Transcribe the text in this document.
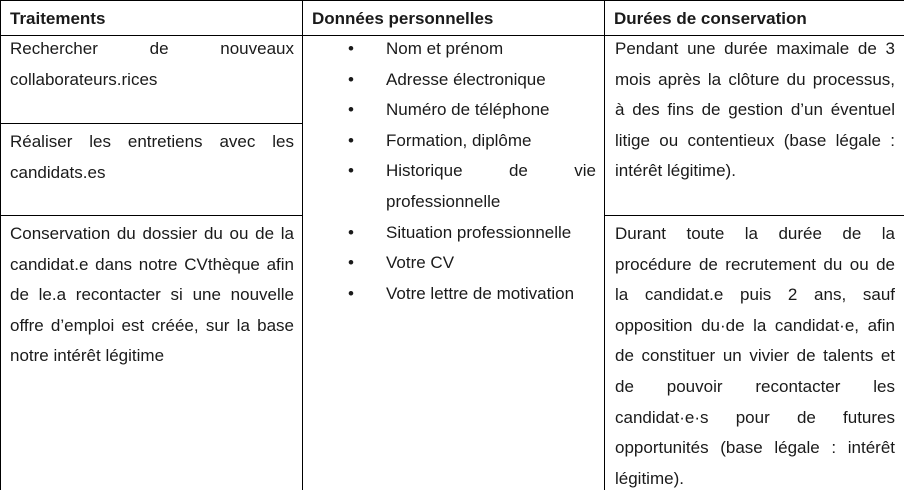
Traitements	Données personnelles	Durées de conservation
Rechercher de nouveaux collaborateurs.rices
Réaliser les entretiens avec les candidats.es
Conservation du dossier du ou de la candidat.e dans notre CVthèque afin de le.a recontacter si une nouvelle offre d’emploi est créée, sur la base notre intérêt légitime
• Nom et prénom
• Adresse électronique
• Numéro de téléphone
• Formation, diplôme
• Historique de vie professionnelle
• Situation professionnelle
• Votre CV
• Votre lettre de motivation
Pendant une durée maximale de 3 mois après la clôture du processus, à des fins de gestion d’un éventuel litige ou contentieux (base légale : intérêt légitime).
Durant toute la durée de la procédure de recrutement du ou de la candidat.e puis 2 ans, sauf opposition du·de la candidat·e, afin de constituer un vivier de talents et de pouvoir recontacter les candidat·e·s pour de futures opportunités (base légale : intérêt légitime).
